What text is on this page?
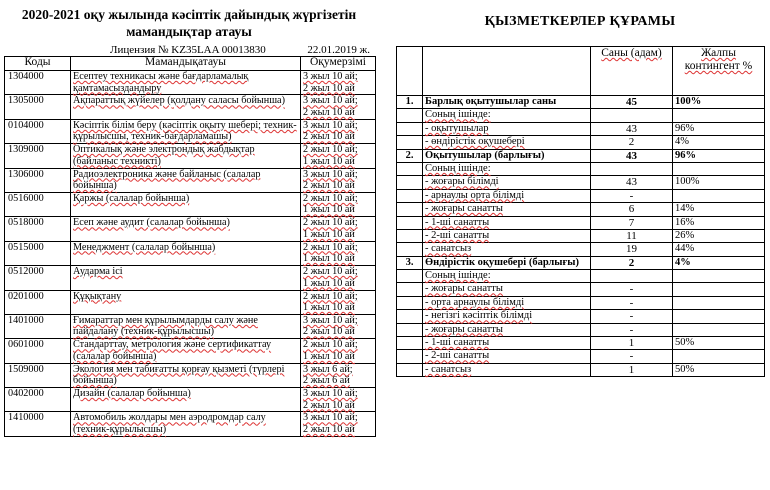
2020-2021 оқу жылында кәсіптік дайындық жүргізетін
мамандықтар атауы
Лицензия № KZ35LAA 00013830	22.01.2019 ж.
Коды	Мамандықатауы	Оқумерзімі
1304000	Есептеу техникасы және бағдарламалық қамтамасыздандыру	3 жыл 10 ай;
2 жыл 10 ай

1305000	Ақпараттық жүйелер (қолдану саласы бойынша)	3 жыл 10 ай;
2 жыл 10 ай

0104000	Кәсіптік білім беру (кәсіптік оқыту шебері; техник-құрылысшы, техник-бағдарламашы)	3 жыл 10 ай;
2 жыл 10 ай

1309000	Оптикалық және электрондық жабдықтар (байланыс техниктi)	2 жыл 10 ай;
1 жыл 10 ай

1306000	Радиоэлектроника және байланыс (салалар бойынша)	3 жыл 10 ай;
2 жыл 10 ай

0516000	Қаржы (салалар бойынша)	2 жыл 10 ай;
1 жыл 10 ай

0518000	Есеп және аудит (салалар бойынша)	2 жыл 10 ай;
1 жыл 10 ай

0515000	Менеджмент (салалар бойынша)	2 жыл 10 ай;
1 жыл 10 ай

0512000	Аударма ісі	2 жыл 10 ай;
1 жыл 10 ай

0201000	Құқықтану	2 жыл 10 ай;
1 жыл 10 ай

1401000	Ғимараттар мен құрылымдарды салу және пайдалану (техник-құрылысшы)	3 жыл 10 ай;
2 жыл 10 ай

0601000	Стандарттау, метрология және сертификаттау (салалар бойынша)	2 жыл 10 ай;
1 жыл 10 ай

1509000	Экология мен табиғатты қорғау қызметі (түрлері бойынша)	3 жыл 6 ай;
2 жыл 6 ай

0402000	Дизайн (салалар бойынша)	3 жыл 10 ай;
2 жыл 10 ай

1410000	Автомобиль жолдары мен аэродромдар салу (техник-құрылысшы)	3 жыл 10 ай;
2 жыл 10 ай
ҚЫЗМЕТКЕРЛЕР ҚҰРАМЫ
		Саны (адам)	Жалпы контингент %
1.	Барлық оқытушылар саны	45	100%
	Соның ішінде:		
	- оқытушылар	43	96%
	- өндірістік оқушебері	2	4%
2.	Оқытушылар (барлығы)	43	96%
	Соның ішінде:		
	- жоғары білімді	43	100%
	- арнаулы орта білімді	-	
	- жоғары санатты	6	14%
	- 1-ші санатты	7	16%
	- 2-ші санатты	11	26%
	- санатсыз	19	44%
3.	Өндірістік оқушебері (барлығы)	2	4%
	Соның ішінде:		
	- жоғары санатты	-	
	- орта арнаулы білімді	-	
	- негізгі кәсіптік білімді	-	
	- жоғары санатты	-	
	- 1-ші санатты	1	50%
	- 2-ші санатты	-	
	- санатсыз	1	50%
